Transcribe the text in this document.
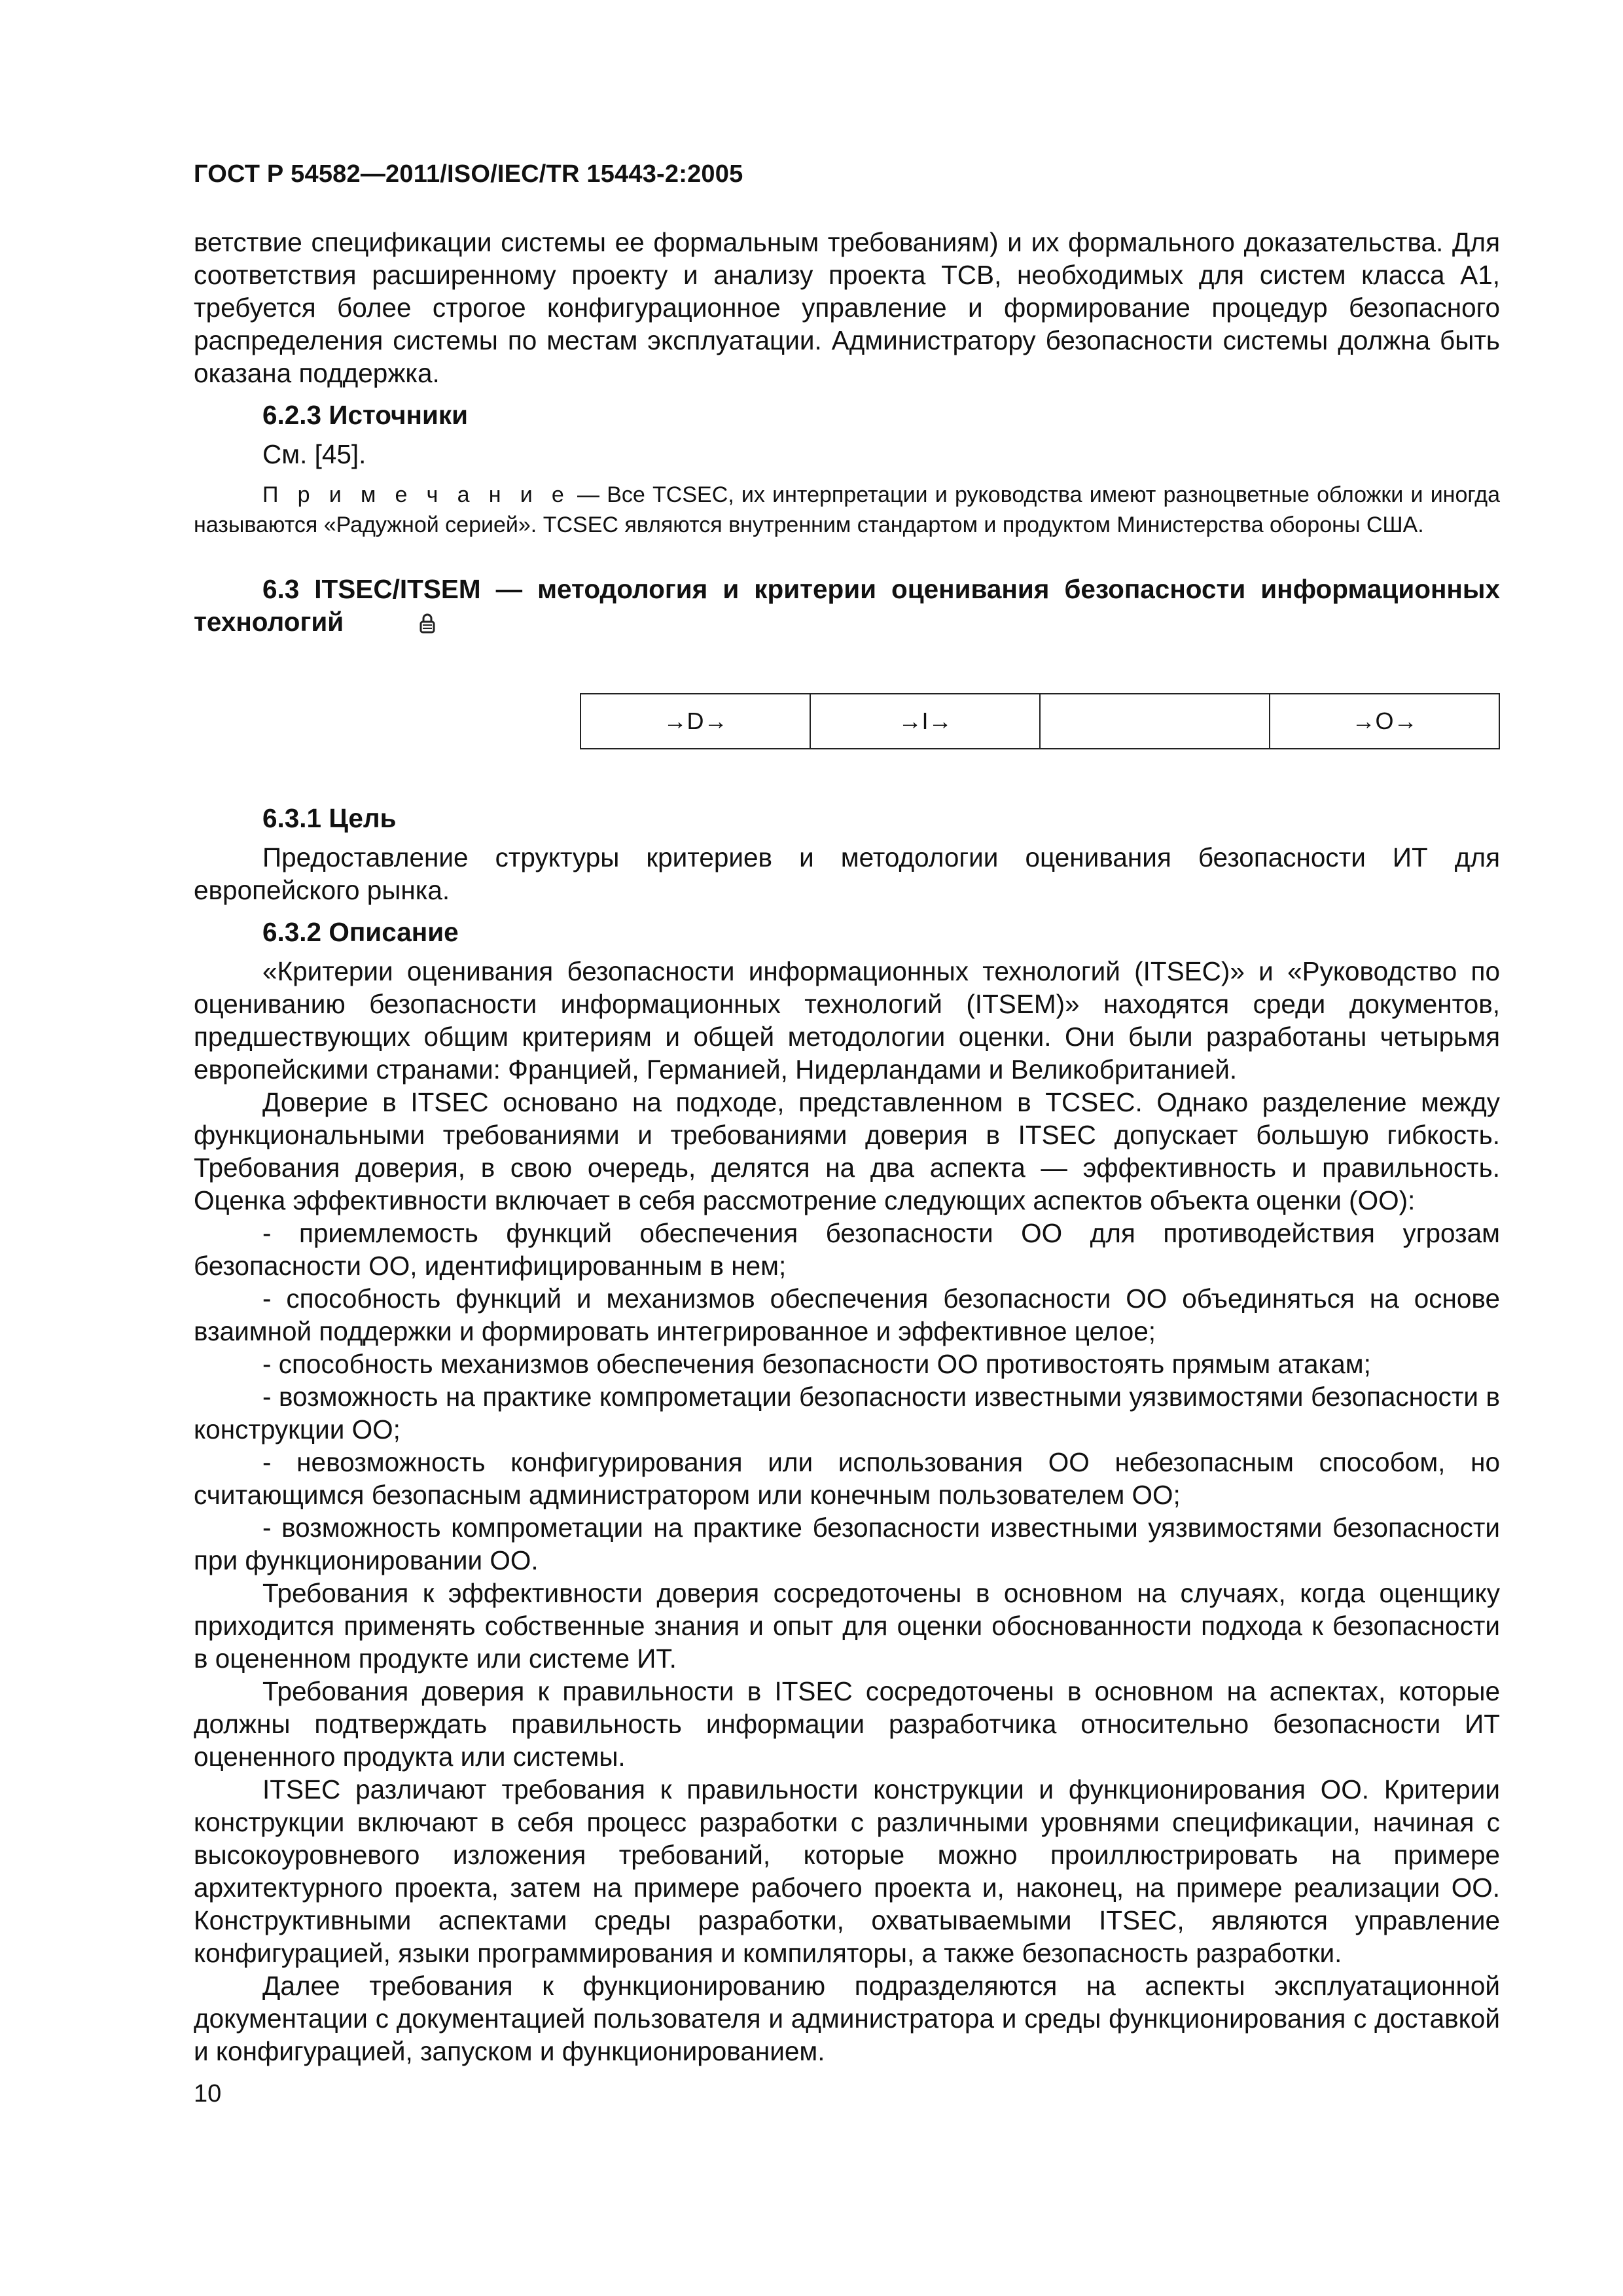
ГОСТ Р 54582—2011/ISO/IEC/TR 15443-2:2005

ветствие спецификации системы ее формальным требованиям) и их формального доказательства. Для соответствия расширенному проекту и анализу проекта ТСВ, необходимых для систем класса А1, требуется более строгое конфигурационное управление и формирование процедур безопасного распределения системы по местам эксплуатации. Администратору безопасности системы должна быть оказана поддержка.

6.2.3 Источники

См. [45].

П р и м е ч а н и е — Все TCSEC, их интерпретации и руководства имеют разноцветные обложки и иногда называются «Радужной серией». TCSEC являются внутренним стандартом и продуктом Министерства обороны США.

6.3 ITSEC/ITSEM — методология и критерии оценивания безопасности информационных технологий

→D→	→I→		→O→

6.3.1 Цель

Предоставление структуры критериев и методологии оценивания безопасности ИТ для европейского рынка.

6.3.2 Описание

«Критерии оценивания безопасности информационных технологий (ITSEC)» и «Руководство по оцениванию безопасности информационных технологий (ITSEM)» находятся среди документов, предшествующих общим критериям и общей методологии оценки. Они были разработаны четырьмя европейскими странами: Францией, Германией, Нидерландами и Великобританией.

Доверие в ITSEC основано на подходе, представленном в TCSEC. Однако разделение между функциональными требованиями и требованиями доверия в ITSEC допускает большую гибкость. Требования доверия, в свою очередь, делятся на два аспекта — эффективность и правильность. Оценка эффективности включает в себя рассмотрение следующих аспектов объекта оценки (ОО):

- приемлемость функций обеспечения безопасности ОО для противодействия угрозам безопасности ОО, идентифицированным в нем;

- способность функций и механизмов обеспечения безопасности ОО объединяться на основе взаимной поддержки и формировать интегрированное и эффективное целое;

- способность механизмов обеспечения безопасности ОО противостоять прямым атакам;

- возможность на практике компрометации безопасности известными уязвимостями безопасности в конструкции ОО;

- невозможность конфигурирования или использования ОО небезопасным способом, но считающимся безопасным администратором или конечным пользователем ОО;

- возможность компрометации на практике безопасности известными уязвимостями безопасности при функционировании ОО.

Требования к эффективности доверия сосредоточены в основном на случаях, когда оценщику приходится применять собственные знания и опыт для оценки обоснованности подхода к безопасности в оцененном продукте или системе ИТ.

Требования доверия к правильности в ITSEC сосредоточены в основном на аспектах, которые должны подтверждать правильность информации разработчика относительно безопасности ИТ оцененного продукта или системы.

ITSEC различают требования к правильности конструкции и функционирования ОО. Критерии конструкции включают в себя процесс разработки с различными уровнями спецификации, начиная с высокоуровневого изложения требований, которые можно проиллюстрировать на примере архитектурного проекта, затем на примере рабочего проекта и, наконец, на примере реализации ОО. Конструктивными аспектами среды разработки, охватываемыми ITSEC, являются управление конфигурацией, языки программирования и компиляторы, а также безопасность разработки.

Далее требования к функционированию подразделяются на аспекты эксплуатационной документации с документацией пользователя и администратора и среды функционирования с доставкой и конфигурацией, запуском и функционированием.

10
